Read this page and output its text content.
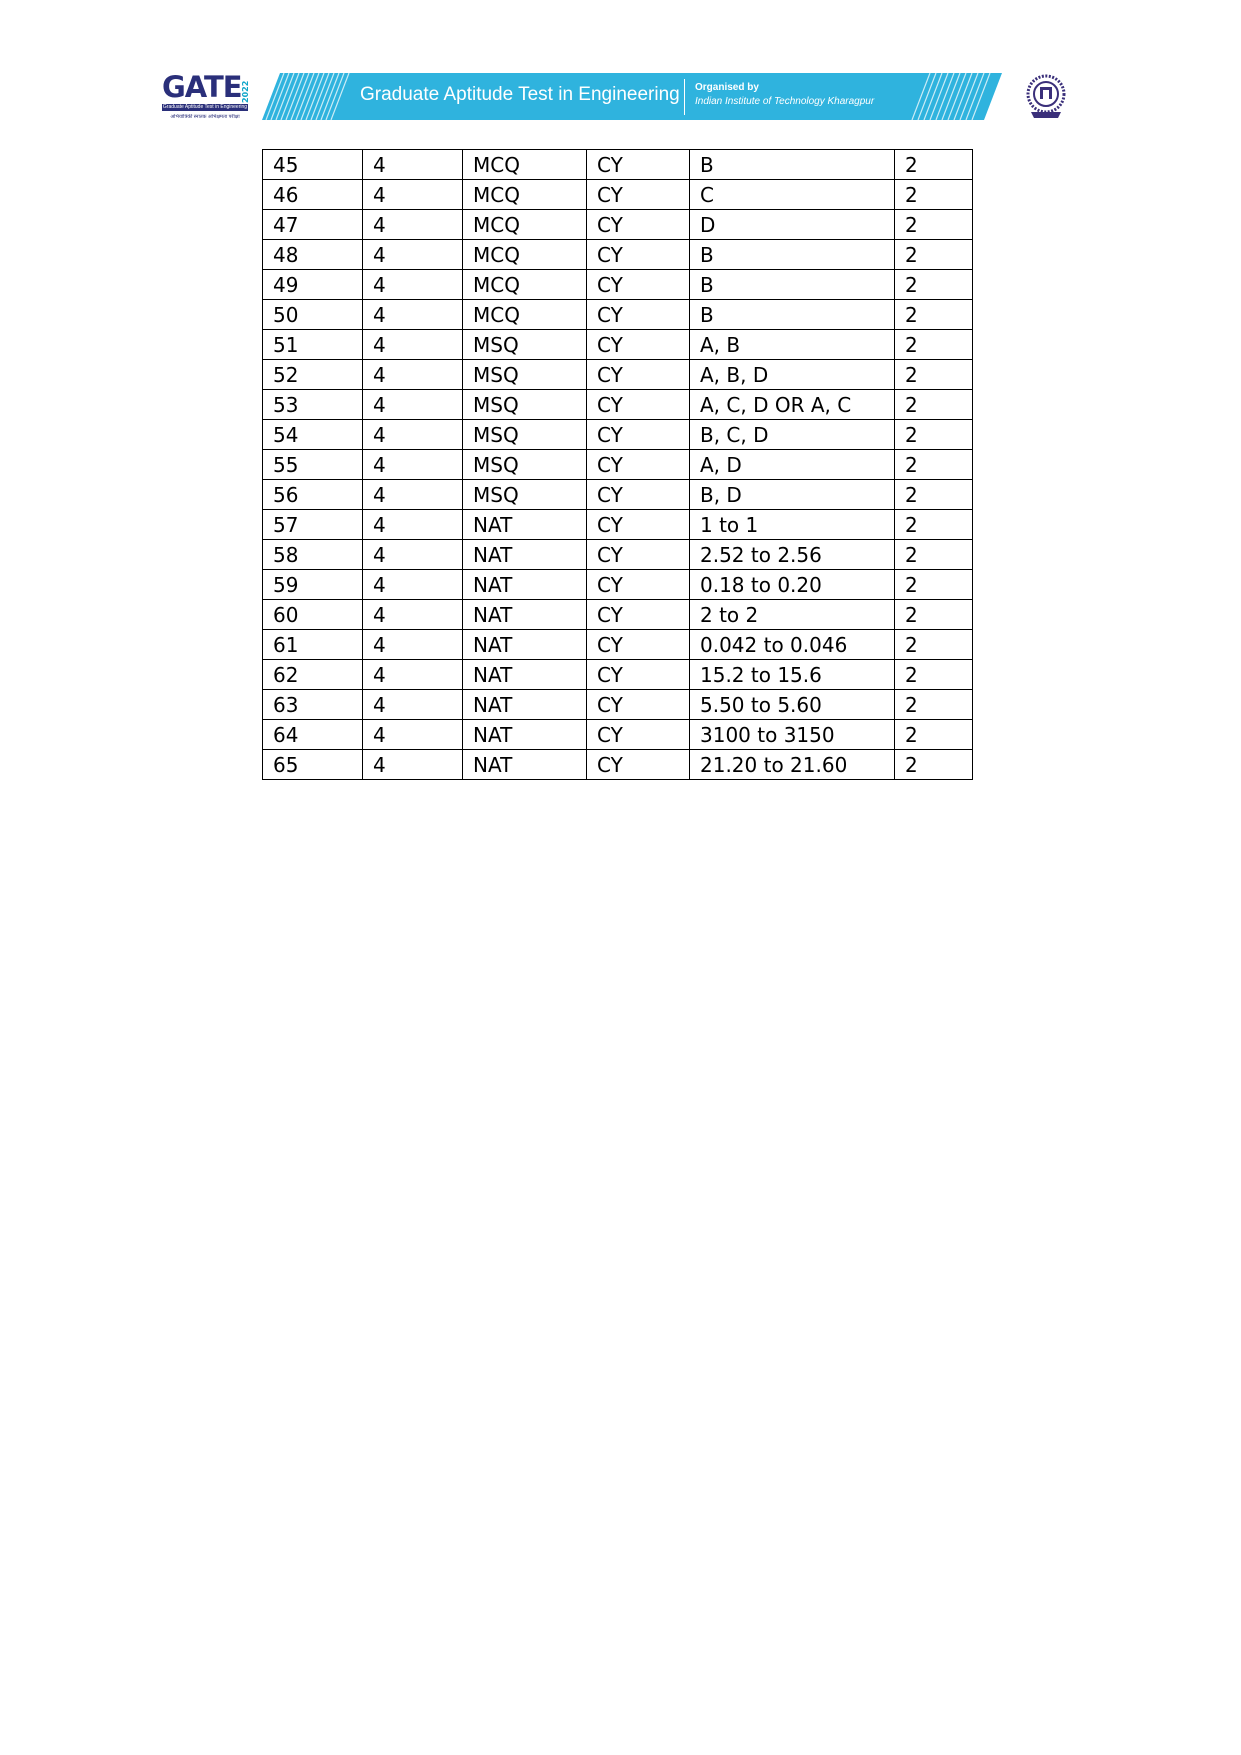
GATE 2022
Graduate Aptitude Test in Engineering
अभियांत्रिकी स्नातक अभिक्षमता परीक्षा
Graduate Aptitude Test in Engineering Organised by
Indian Institute of Technology Kharagpur
45	4	MCQ	CY	B	2
46	4	MCQ	CY	C	2
47	4	MCQ	CY	D	2
48	4	MCQ	CY	B	2
49	4	MCQ	CY	B	2
50	4	MCQ	CY	B	2
51	4	MSQ	CY	A, B	2
52	4	MSQ	CY	A, B, D	2
53	4	MSQ	CY	A, C, D OR A, C	2
54	4	MSQ	CY	B, C, D	2
55	4	MSQ	CY	A, D	2
56	4	MSQ	CY	B, D	2
57	4	NAT	CY	1 to 1	2
58	4	NAT	CY	2.52 to 2.56	2
59	4	NAT	CY	0.18 to 0.20	2
60	4	NAT	CY	2 to 2	2
61	4	NAT	CY	0.042 to 0.046	2
62	4	NAT	CY	15.2 to 15.6	2
63	4	NAT	CY	5.50 to 5.60	2
64	4	NAT	CY	3100 to 3150	2
65	4	NAT	CY	21.20 to 21.60	2
